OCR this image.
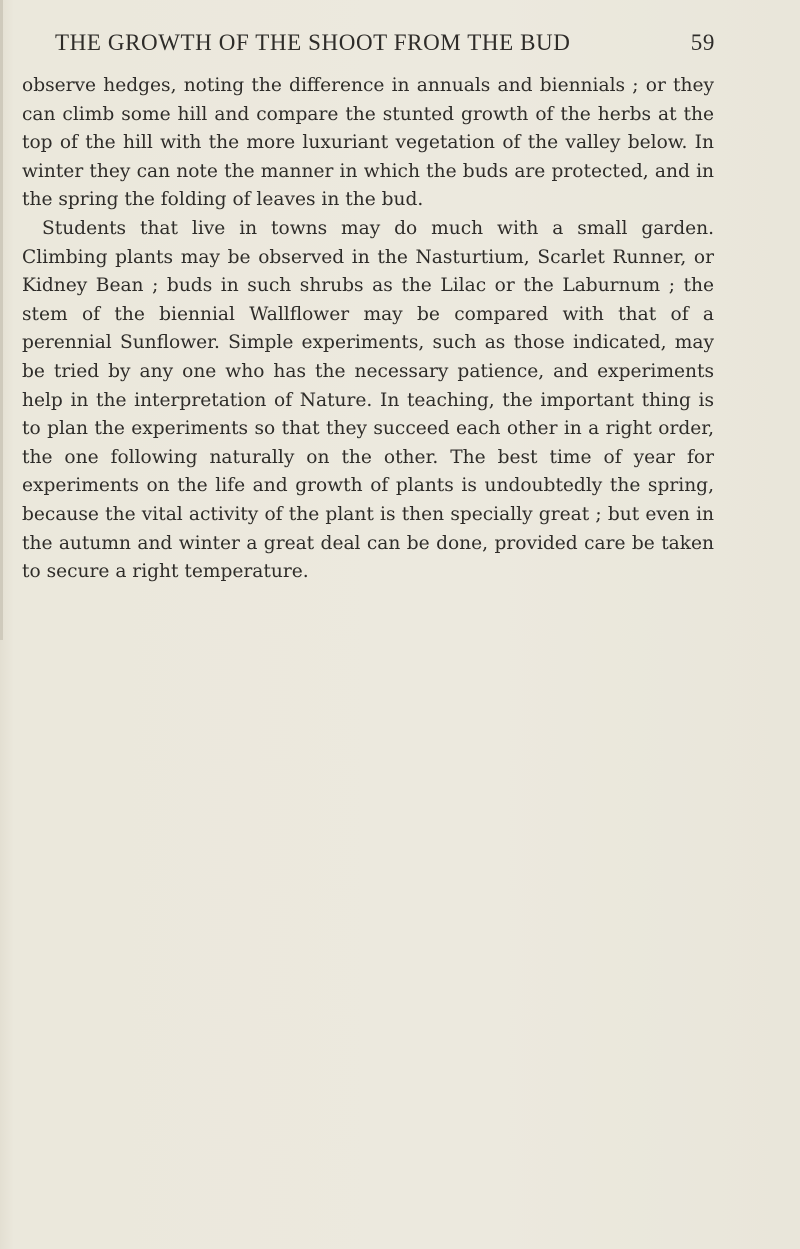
THE GROWTH OF THE SHOOT FROM THE BUD	59

observe hedges, noting the difference in annuals and biennials ; or they can climb some hill and compare the stunted growth of the herbs at the top of the hill with the more luxuriant vegetation of the valley below. In winter they can note the manner in which the buds are protected, and in the spring the folding of leaves in the bud.

Students that live in towns may do much with a small garden. Climbing plants may be observed in the Nasturtium, Scarlet Runner, or Kidney Bean ; buds in such shrubs as the Lilac or the Laburnum ; the stem of the biennial Wallflower may be compared with that of a perennial Sunflower. Simple experiments, such as those indicated, may be tried by any one who has the necessary patience, and experiments help in the interpretation of Nature. In teaching, the important thing is to plan the experiments so that they succeed each other in a right order, the one following naturally on the other. The best time of year for experiments on the life and growth of plants is undoubtedly the spring, because the vital activity of the plant is then specially great ; but even in the autumn and winter a great deal can be done, provided care be taken to secure a right temperature.
